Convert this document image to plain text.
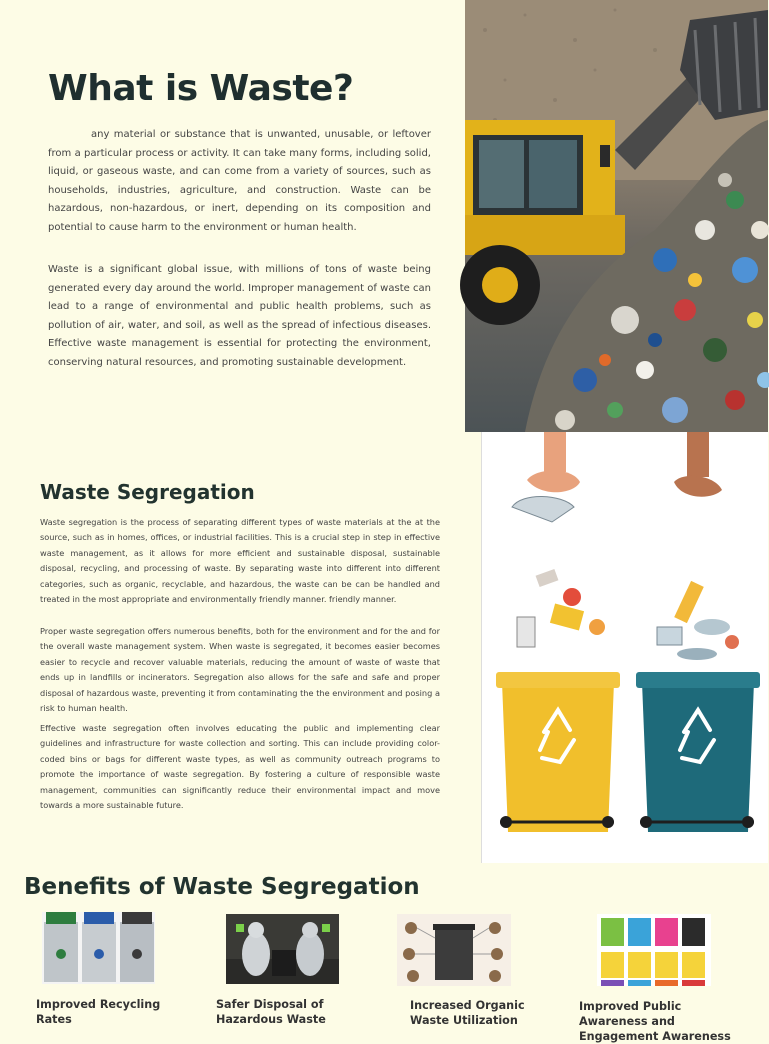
What is Waste?

any material or substance that is unwanted, unusable, or leftover from a particular process or activity. It can take many forms, including solid, liquid, or gaseous waste, and can come from a variety of sources, such as households, industries, agriculture, and construction. Waste can be hazardous, non-hazardous, or inert, depending on its composition and potential to cause harm to the environment or human health.

Waste is a significant global issue, with millions of tons of waste being generated every day around the world. Improper management of waste can lead to a range of environmental and public health problems, such as pollution of air, water, and soil, as well as the spread of infectious diseases. Effective waste management is essential for protecting the environment, conserving natural resources, and promoting sustainable development.

Waste Segregation

Waste segregation is the process of separating different types of waste materials at the at the source, such as in homes, offices, or industrial facilities. This is a crucial step in step in effective waste management, as it allows for more efficient and sustainable disposal, sustainable disposal, recycling, and processing of waste. By separating waste into different into different categories, such as organic, recyclable, and hazardous, the waste can be can be handled and treated in the most appropriate and environmentally friendly manner. friendly manner.

Proper waste segregation offers numerous benefits, both for the environment and for the and for the overall waste management system. When waste is segregated, it becomes easier becomes easier to recycle and recover valuable materials, reducing the amount of waste of waste that ends up in landfills or incinerators. Segregation also allows for the safe and safe and proper disposal of hazardous waste, preventing it from contaminating the the environment and posing a risk to human health.

Effective waste segregation often involves educating the public and implementing clear guidelines and infrastructure for waste collection and sorting. This can include providing color-coded bins or bags for different waste types, as well as community outreach programs to promote the importance of waste segregation. By fostering a culture of responsible waste management, communities can significantly reduce their environmental impact and move towards a more sustainable future.

Benefits of Waste Segregation
Improved Recycling Rates
Safer Disposal of Hazardous Waste
Increased Organic Waste Utilization
Improved Public Awareness and Engagement Awareness
